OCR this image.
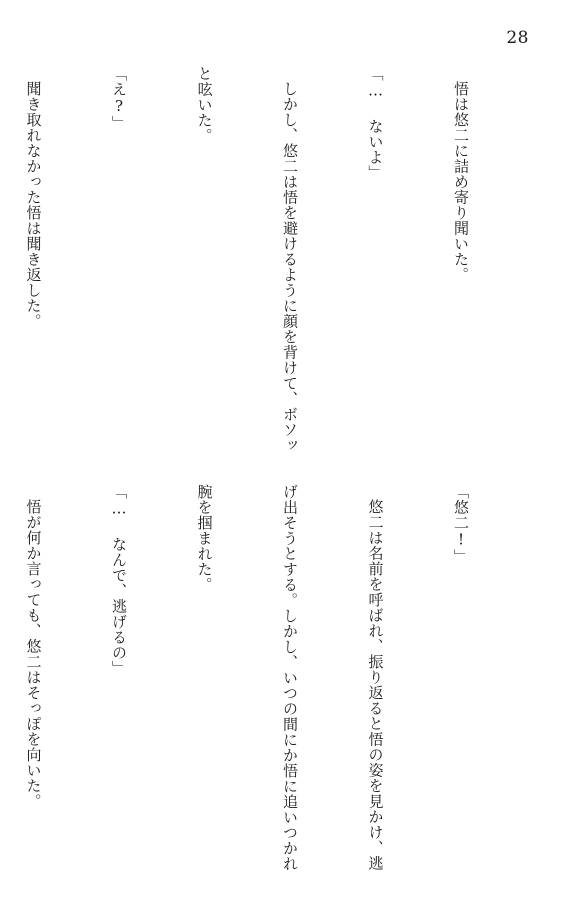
28

悟は悠二に詰め寄り聞いた。

「… ないよ」

しかし、悠二は悟を避けるように顔を背けて、ボソッ

と呟いた。

「え?」

聞き取れなかった悟は聞き返した。

「悠二!」

悠二は名前を呼ばれ、振り返ると悟の姿を見かけ、逃

げ出そうとする。しかし、いつの間にか悟に追いつかれ

腕を掴まれた。

「… なんで、逃げるの」

悟が何か言っても、悠二はそっぽを向いた。
